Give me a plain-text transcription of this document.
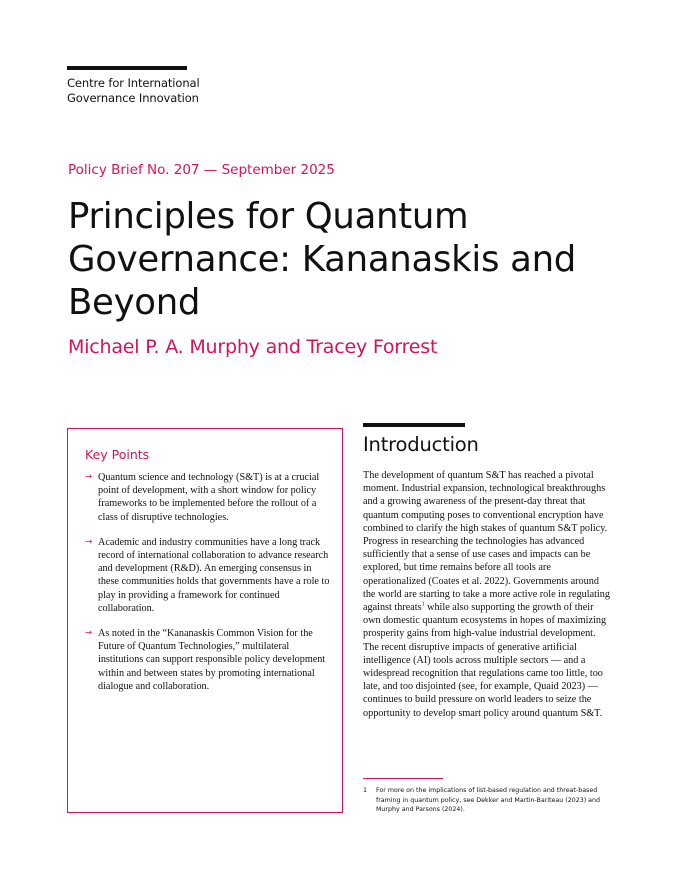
Centre for International
Governance Innovation
Policy Brief No. 207 — September 2025
Principles for Quantum Governance: Kananaskis and Beyond
Michael P. A. Murphy and Tracey Forrest
Key Points
→ Quantum science and technology (S&T) is at a crucial point of development, with a short window for policy frameworks to be implemented before the rollout of a class of disruptive technologies.
→ Academic and industry communities have a long track record of international collaboration to advance research and development (R&D). An emerging consensus in these communities holds that governments have a role to play in providing a framework for continued collaboration.
→ As noted in the “Kananaskis Common Vision for the Future of Quantum Technologies,” multilateral institutions can support responsible policy development within and between states by promoting international dialogue and collaboration.
Introduction

The development of quantum S&T has reached a pivotal moment. Industrial expansion, technological breakthroughs and a growing awareness of the present-day threat that quantum computing poses to conventional encryption have combined to clarify the high stakes of quantum S&T policy. Progress in researching the technologies has advanced sufficiently that a sense of use cases and impacts can be explored, but time remains before all tools are operationalized (Coates et al. 2022). Governments around the world are starting to take a more active role in regulating against threats$^1$ while also supporting the growth of their own domestic quantum ecosystems in hopes of maximizing prosperity gains from high-value industrial development. The recent disruptive impacts of generative artificial intelligence (AI) tools across multiple sectors — and a widespread recognition that regulations came too little, too late, and too disjointed (see, for example, Quaid 2023) — continues to build pressure on world leaders to seize the opportunity to develop smart policy around quantum S&T.

1	For more on the implications of list-based regulation and threat-based framing in quantum policy, see Dekker and Martin-Bariteau (2023) and Murphy and Parsons (2024).
